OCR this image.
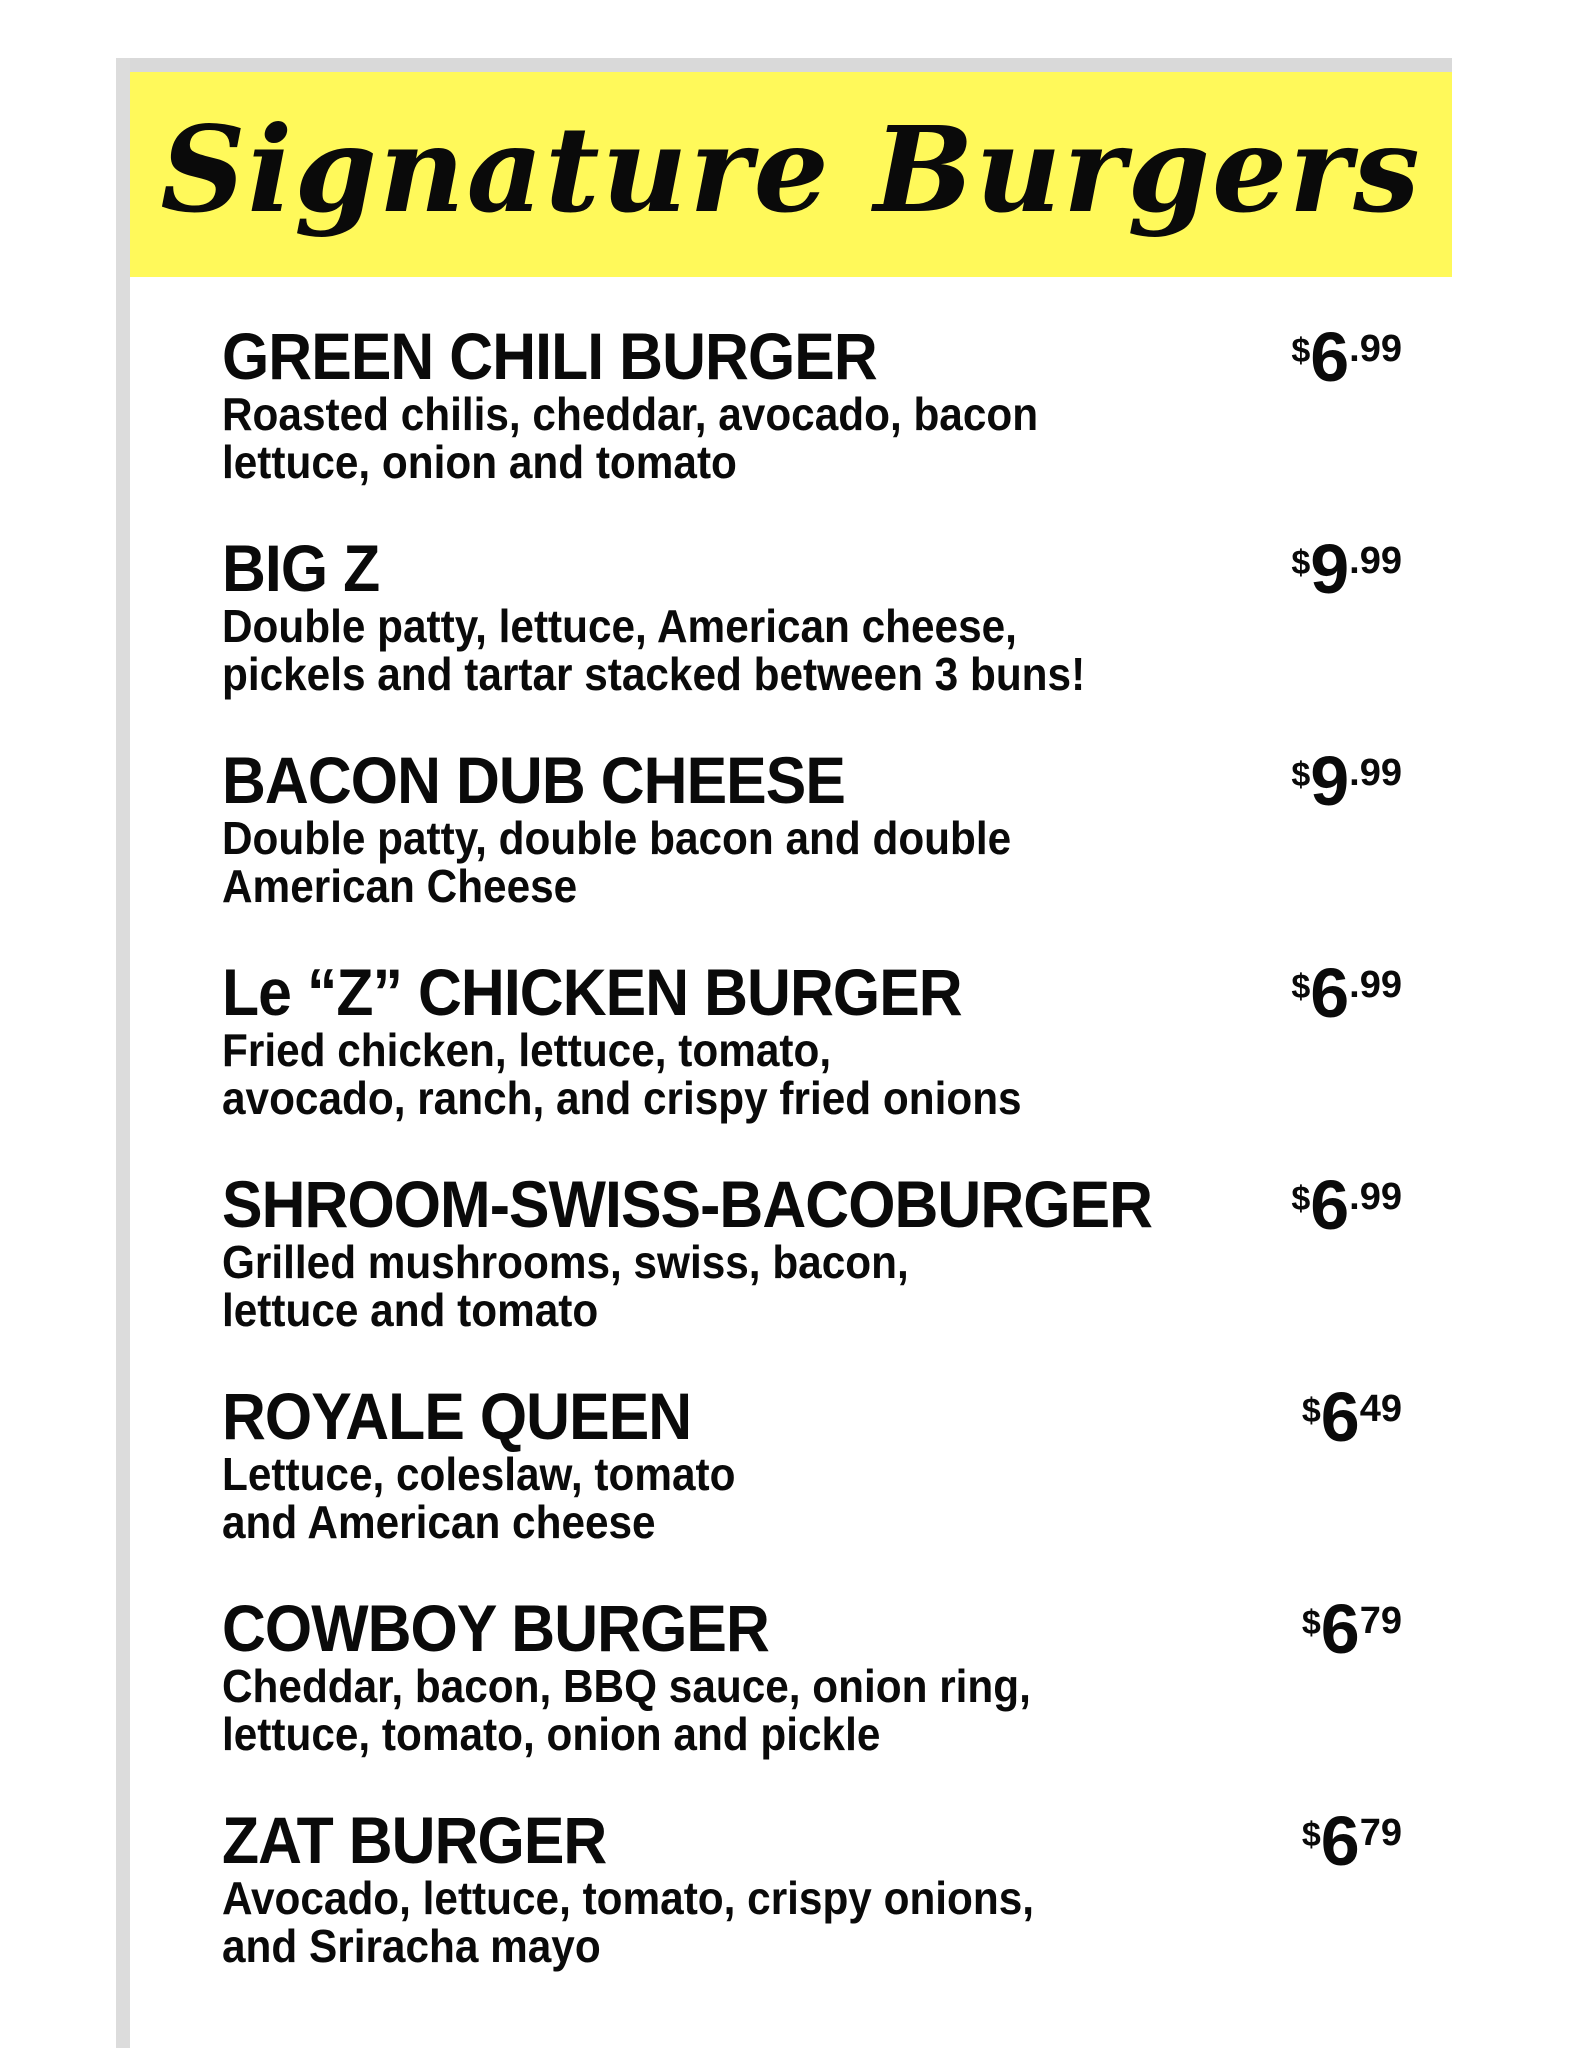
Signature Burgers
GREEN CHILI BURGER
Roasted chilis, cheddar, avocado, bacon
lettuce, onion and tomato
$6.99
BIG Z
Double patty, lettuce, American cheese,
pickels and tartar stacked between 3 buns!
$9.99
BACON DUB CHEESE
Double patty, double bacon and double
American Cheese
$9.99
Le “Z” CHICKEN BURGER
Fried chicken, lettuce, tomato,
avocado, ranch, and crispy fried onions
$6.99
SHROOM-SWISS-BACOBURGER
Grilled mushrooms, swiss, bacon,
lettuce and tomato
$6.99
ROYALE QUEEN
Lettuce, coleslaw, tomato
and American cheese
$649
COWBOY BURGER
Cheddar, bacon, BBQ sauce, onion ring,
lettuce, tomato, onion and pickle
$679
ZAT BURGER
Avocado, lettuce, tomato, crispy onions,
and Sriracha mayo
$679
